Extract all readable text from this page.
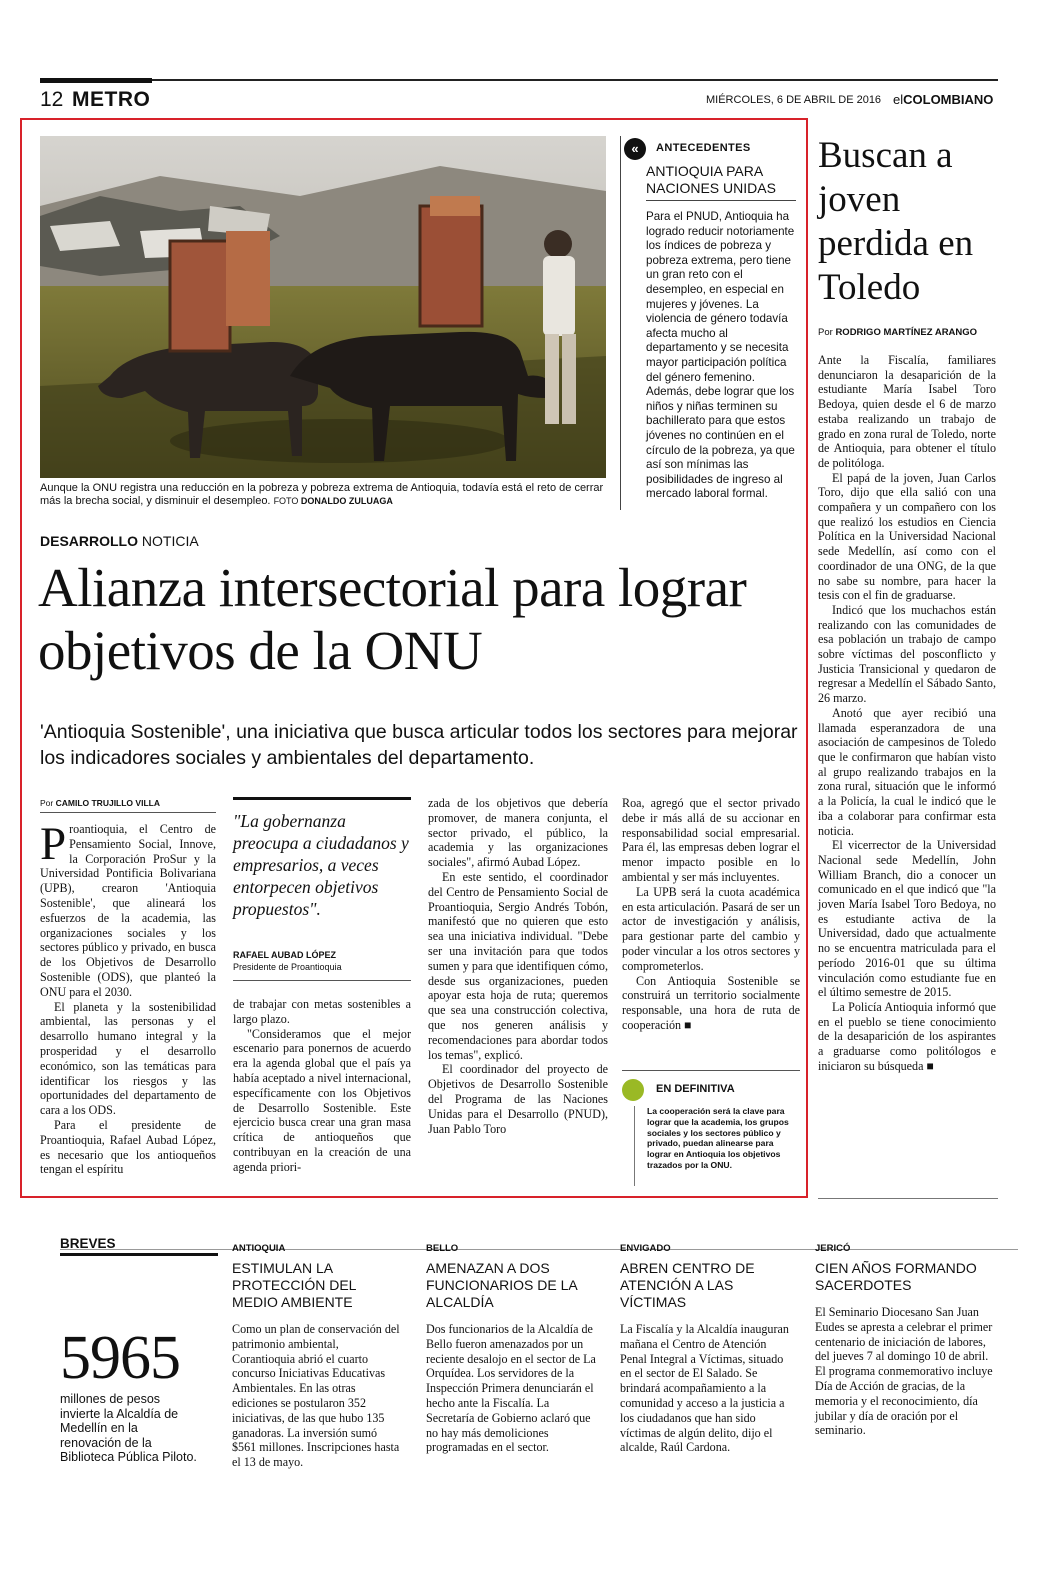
12 METRO	MIÉRCOLES, 6 DE ABRIL DE 2016 elCOLOMBIANO
Aunque la ONU registra una reducción en la pobreza y pobreza extrema de Antioquia, todavía está el reto de cerrar más la brecha social, y disminuir el desempleo. FOTO DONALDO ZULUAGA
«	ANTECEDENTES
ANTIOQUIA PARA NACIONES UNIDAS
Para el PNUD, Antioquia ha logrado reducir notoriamente los índices de pobreza y pobreza extrema, pero tiene un gran reto con el desempleo, en especial en mujeres y jóvenes. La violencia de género todavía afecta mucho al departamento y se necesita mayor participación política del género femenino. Además, debe lograr que los niños y niñas terminen su bachillerato para que estos jóvenes no continúen en el círculo de la pobreza, ya que así son mínimas las posibilidades de ingreso al mercado laboral formal.
Buscan a joven perdida en Toledo
Por RODRIGO MARTÍNEZ ARANGO

Ante la Fiscalía, familiares denunciaron la desaparición de la estudiante María Isabel Toro Bedoya, quien desde el 6 de marzo estaba realizando un trabajo de grado en zona rural de Toledo, norte de Antioquia, para obtener el título de politóloga.

El papá de la joven, Juan Carlos Toro, dijo que ella salió con una compañera y un compañero con los que realizó los estudios en Ciencia Política en la Universidad Nacional sede Medellín, así como con el coordinador de una ONG, de la que no sabe su nombre, para hacer la tesis con el fin de graduarse.

Indicó que los muchachos están realizando con las comunidades de esa población un trabajo de campo sobre víctimas del posconflicto y Justicia Transicional y quedaron de regresar a Medellín el Sábado Santo, 26 marzo.

Anotó que ayer recibió una llamada esperanzadora de una asociación de campesinos de Toledo que le confirmaron que habían visto al grupo realizando trabajos en la zona rural, situación que le informó a la Policía, la cual le indicó que le iba a colaborar para confirmar esta noticia.

El vicerrector de la Universidad Nacional sede Medellín, John William Branch, dio a conocer un comunicado en el que indicó que "la joven María Isabel Toro Bedoya, no es estudiante activa de la Universidad, dado que actualmente no se encuentra matriculada para el período 2016-01 que su última vinculación como estudiante fue en el último semestre de 2015.

La Policía Antioquia informó que en el pueblo se tiene conocimiento de la desaparición de los aspirantes a graduarse como politólogos e iniciaron su búsqueda ■

DESARROLLO NOTICIA
Alianza intersectorial para lograr objetivos de la ONU
'Antioquia Sostenible', una iniciativa que busca articular todos los sectores para mejorar los indicadores sociales y ambientales del departamento.
Por CAMILO TRUJILLO VILLA

Proantioquia, el Centro de Pensamiento Social, Innove, la Corporación ProSur y la Universidad Pontificia Bolivariana (UPB), crearon 'Antioquia Sostenible', que alineará los esfuerzos de la academia, las organizaciones sociales y los sectores público y privado, en busca de los Objetivos de Desarrollo Sostenible (ODS), que planteó la ONU para el 2030.

El planeta y la sostenibilidad ambiental, las personas y el desarrollo humano integral y la prosperidad y el desarrollo económico, son las temáticas para identificar los riesgos y las oportunidades del departamento de cara a los ODS.

Para el presidente de Proantioquia, Rafael Aubad López, es necesario que los antioqueños tengan el espíritu

"La gobernanza preocupa a ciudadanos y empresarios, a veces entorpecen objetivos propuestos".
RAFAEL AUBAD LÓPEZ
Presidente de Proantioquia

de trabajar con metas sostenibles a largo plazo.

"Consideramos que el mejor escenario para ponernos de acuerdo era la agenda global que el país ya había aceptado a nivel internacional, específicamente con los Objetivos de Desarrollo Sostenible. Este ejercicio busca crear una gran masa crítica de antioqueños que contribuyan en la creación de una agenda priori-

zada de los objetivos que debería promover, de manera conjunta, el sector privado, el público, la academia y las organizaciones sociales", afirmó Aubad López.

En este sentido, el coordinador del Centro de Pensamiento Social de Proantioquia, Sergio Andrés Tobón, manifestó que no quieren que esto sea una iniciativa individual. "Debe ser una invitación para que todos sumen y para que identifiquen cómo, desde sus organizaciones, pueden apoyar esta hoja de ruta; queremos que sea una construcción colectiva, que nos generen análisis y recomendaciones para abordar todos los temas", explicó.

El coordinador del proyecto de Objetivos de Desarrollo Sostenible del Programa de las Naciones Unidas para el Desarrollo (PNUD), Juan Pablo Toro

Roa, agregó que el sector privado debe ir más allá de su accionar en responsabilidad social empresarial. Para él, las empresas deben lograr el menor impacto posible en lo ambiental y ser más incluyentes.

La UPB será la cuota académica en esta articulación. Pasará de ser un actor de investigación y análisis, para gestionar parte del cambio y poder vincular a los otros sectores y comprometerlos.

Con Antioquia Sostenible se construirá un territorio socialmente responsable, una hora de ruta de cooperación ■

EN DEFINITIVA
La cooperación será la clave para lograr que la academia, los grupos sociales y los sectores público y privado, puedan alinearse para lograr en Antioquia los objetivos trazados por la ONU.
BREVES
5965
millones de pesos invierte la Alcaldía de Medellín en la renovación de la Biblioteca Pública Piloto.
ANTIOQUIA
ESTIMULAN LA PROTECCIÓN DEL MEDIO AMBIENTE
Como un plan de conservación del patrimonio ambiental, Corantioquia abrió el cuarto concurso Iniciativas Educativas Ambientales. En las otras ediciones se postularon 352 iniciativas, de las que hubo 135 ganadoras. La inversión sumó $561 millones. Inscripciones hasta el 13 de mayo.
BELLO
AMENAZAN A DOS FUNCIONARIOS DE LA ALCALDÍA
Dos funcionarios de la Alcaldía de Bello fueron amenazados por un reciente desalojo en el sector de La Orquídea. Los servidores de la Inspección Primera denunciarán el hecho ante la Fiscalía. La Secretaría de Gobierno aclaró que no hay más demoliciones programadas en el sector.
ENVIGADO
ABREN CENTRO DE ATENCIÓN A LAS VÍCTIMAS
La Fiscalía y la Alcaldía inauguran mañana el Centro de Atención Penal Integral a Víctimas, situado en el sector de El Salado. Se brindará acompañamiento a la comunidad y acceso a la justicia a los ciudadanos que han sido víctimas de algún delito, dijo el alcalde, Raúl Cardona.
JERICÓ
CIEN AÑOS FORMANDO SACERDOTES
El Seminario Diocesano San Juan Eudes se apresta a celebrar el primer centenario de iniciación de labores, del jueves 7 al domingo 10 de abril. El programa conmemorativo incluye Día de Acción de gracias, de la memoria y el reconocimiento, día jubilar y día de oración por el seminario.
